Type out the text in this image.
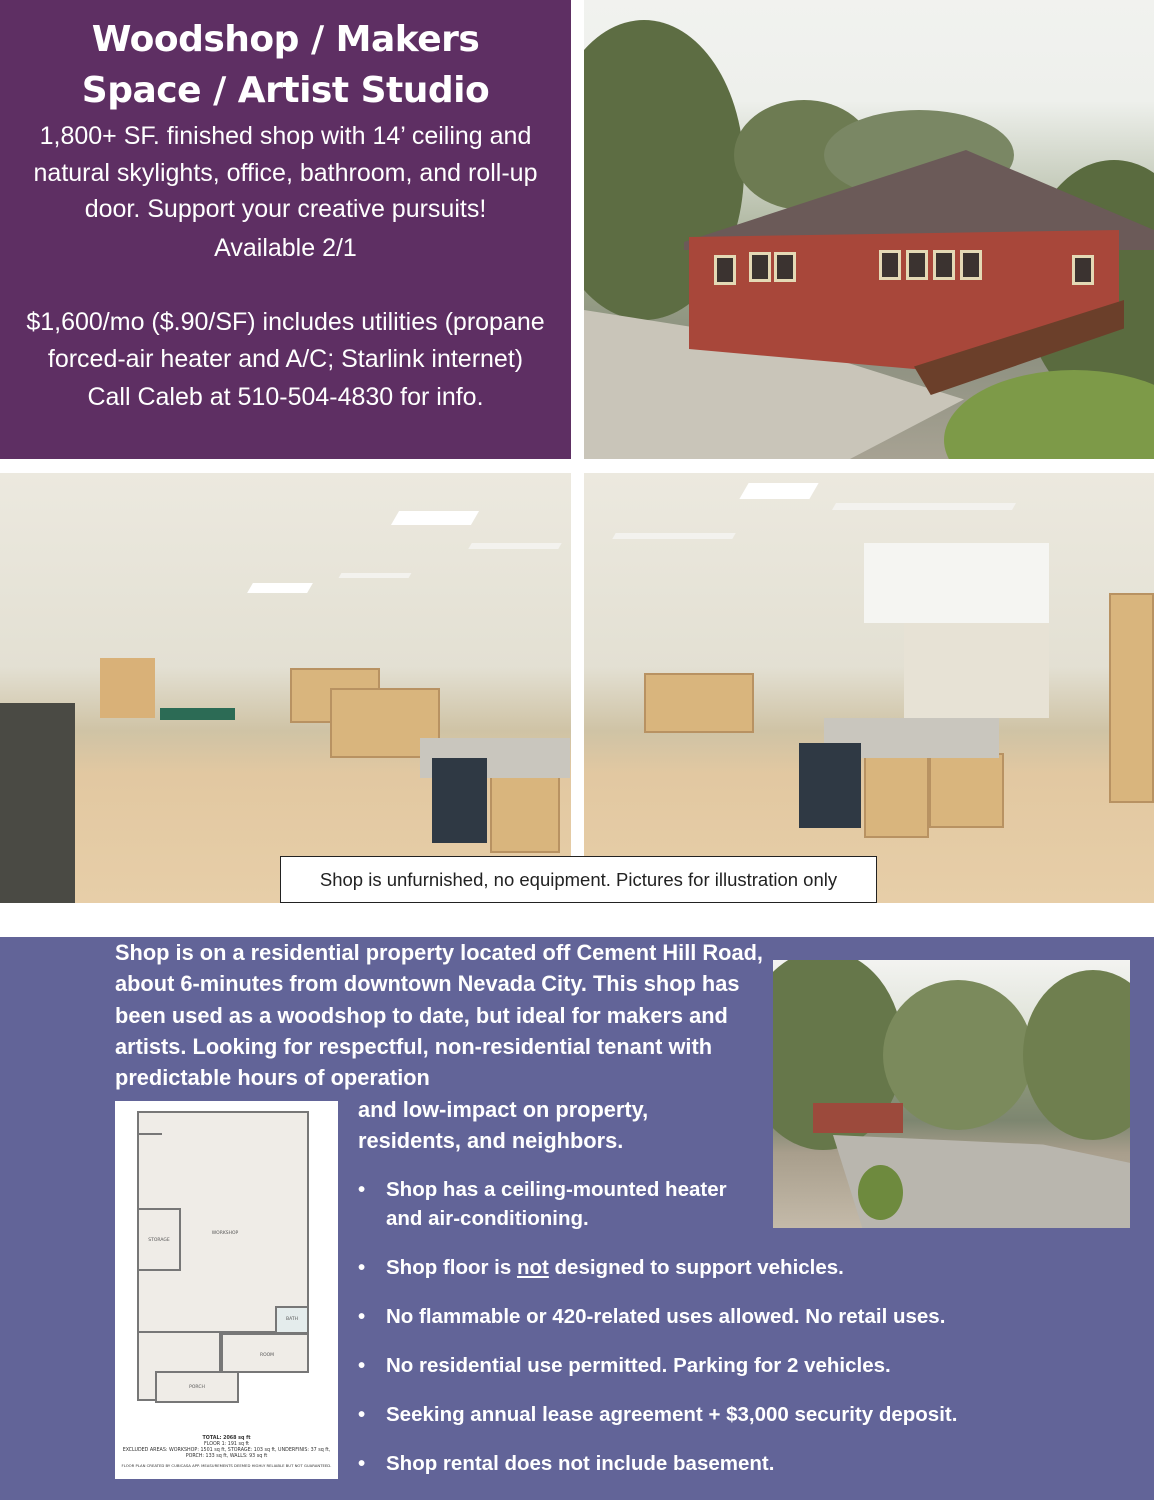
Woodshop / Makers Space / Artist Studio

1,800+ SF. finished shop with 14’ ceiling and natural skylights, office, bathroom, and roll-up door. Support your creative pursuits!

Available 2/1

$1,600/mo ($.90/SF) includes utilities (propane forced-air heater and A/C; Starlink internet)

Call Caleb at 510-504-4830 for info.

Shop is unfurnished, no equipment. Pictures for illustration only

Shop is on a residential property located off Cement Hill Road, about 6-minutes from downtown Nevada City. This shop has been used as a woodshop to date, but ideal for makers and artists. Looking for respectful, non-residential tenant with predictable hours of operation

and low-impact on property, residents, and neighbors.

• Shop has a ceiling-mounted heater and air-conditioning.
• Shop floor is not designed to support vehicles.
• No flammable or 420-related uses allowed. No retail uses.
• No residential use permitted. Parking for 2 vehicles.
• Seeking annual lease agreement + $3,000 security deposit.
• Shop rental does not include basement.
WORKSHOP
STORAGE
BATH
ROOM
PORCH
TOTAL: 2068 sq ft
FLOOR 1: 191 sq ft
EXCLUDED AREAS: WORKSHOP: 1501 sq ft, STORAGE: 103 sq ft, UNDERFINIS: 37 sq ft, PORCH: 133 sq ft, WALLS: 93 sq ft
FLOOR PLAN CREATED BY CUBICASA APP. MEASUREMENTS DEEMED HIGHLY RELIABLE BUT NOT GUARANTEED.
